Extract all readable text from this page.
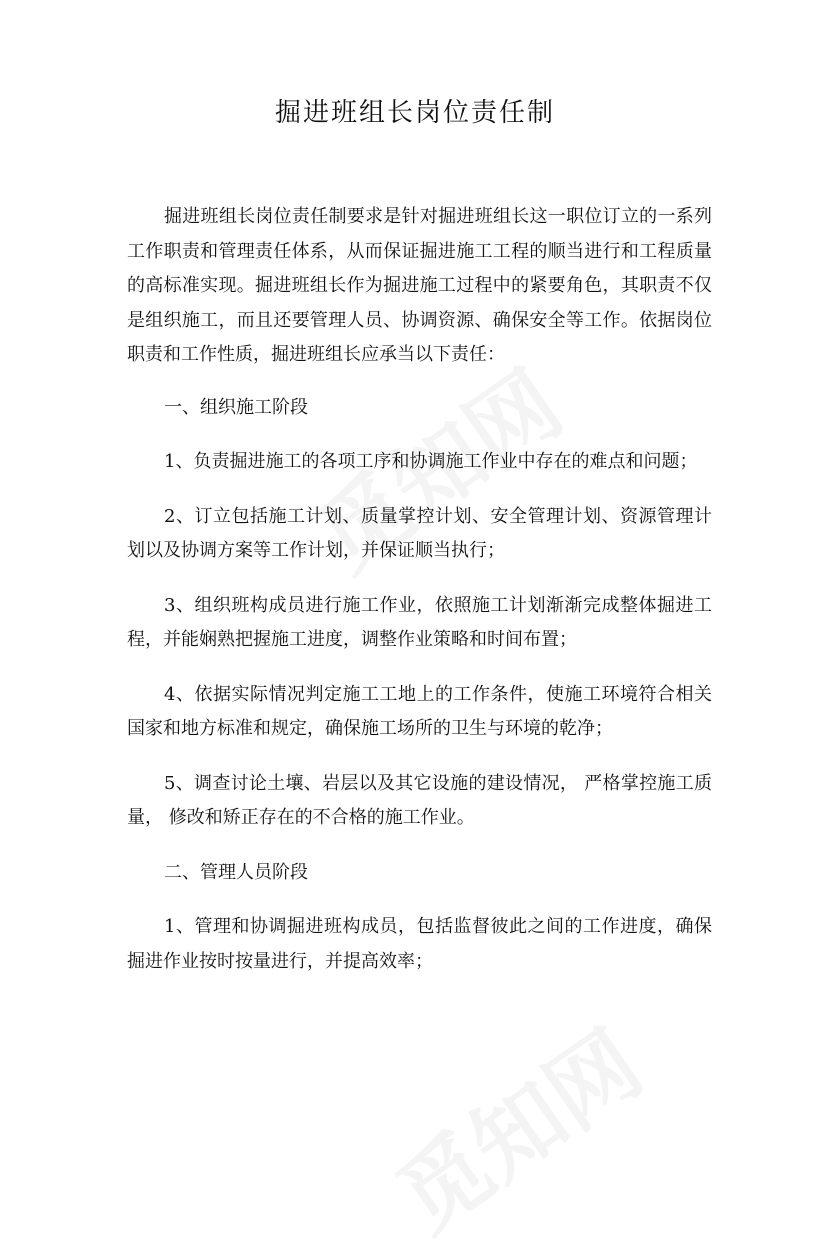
掘进班组长岗位责任制

掘进班组长岗位责任制要求是针对掘进班组长这一职位订立的一系列工作职责和管理责任体系，从而保证掘进施工工程的顺当进行和工程质量的高标准实现。掘进班组长作为掘进施工过程中的紧要角色，其职责不仅是组织施工，而且还要管理人员、协调资源、确保安全等工作。依据岗位职责和工作性质，掘进班组长应承当以下责任：

一、组织施工阶段

1、负责掘进施工的各项工序和协调施工作业中存在的难点和问题；

2、订立包括施工计划、质量掌控计划、安全管理计划、资源管理计划以及协调方案等工作计划，并保证顺当执行；

3、组织班构成员进行施工作业，依照施工计划渐渐完成整体掘进工程，并能娴熟把握施工进度，调整作业策略和时间布置；

4、依据实际情况判定施工工地上的工作条件，使施工环境符合相关国家和地方标准和规定，确保施工场所的卫生与环境的乾净；

5、调查讨论土壤、岩层以及其它设施的建设情况， 严格掌控施工质量， 修改和矫正存在的不合格的施工作业。

二、管理人员阶段

1、管理和协调掘进班构成员，包括监督彼此之间的工作进度，确保掘进作业按时按量进行，并提高效率；
